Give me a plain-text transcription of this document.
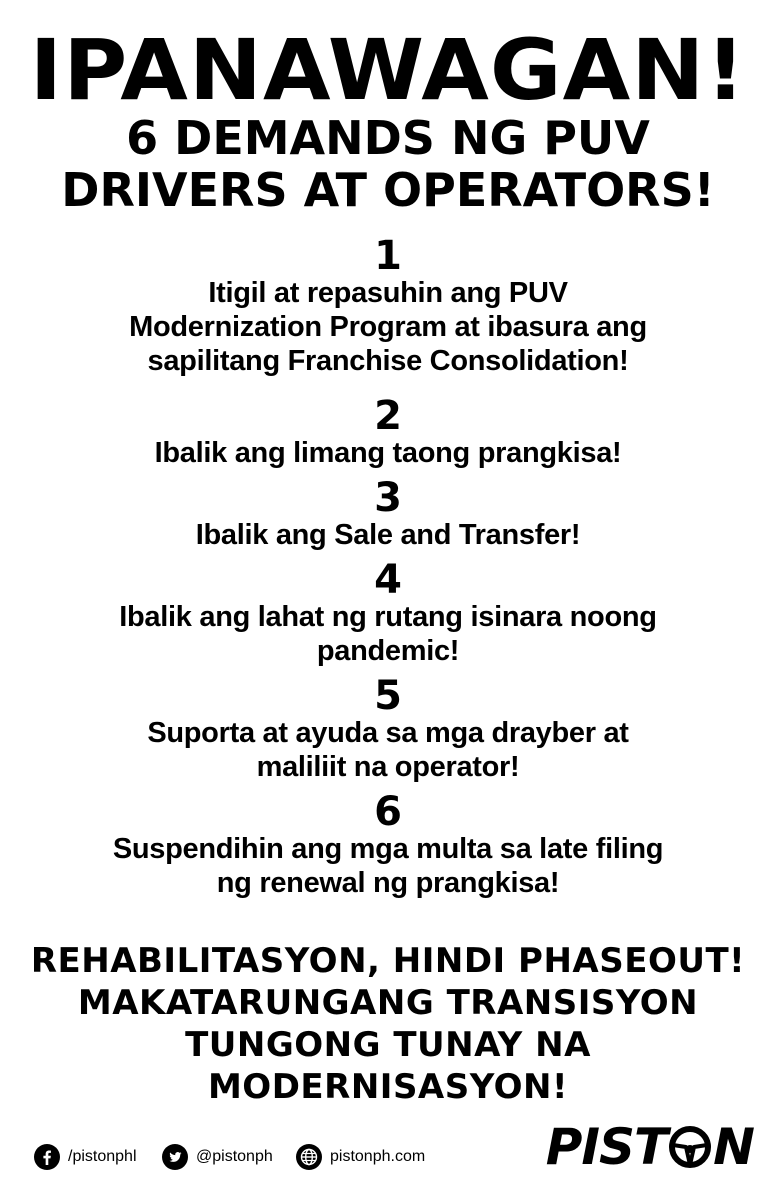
IPANAWAGAN!
6 DEMANDS NG PUV
DRIVERS AT OPERATORS!
1
Itigil at repasuhin ang PUV
Modernization Program at ibasura ang
sapilitang Franchise Consolidation!
2
Ibalik ang limang taong prangkisa!
3
Ibalik ang Sale and Transfer!
4
Ibalik ang lahat ng rutang isinara noong
pandemic!
5
Suporta at ayuda sa mga drayber at
maliliit na operator!
6
Suspendihin ang mga multa sa late filing
ng renewal ng prangkisa!
REHABILITASYON, HINDI PHASEOUT!
MAKATARUNGANG TRANSISYON
TUNGONG TUNAY NA
MODERNISASYON!
/pistonphl	@pistonph	pistonph.com PIST N
